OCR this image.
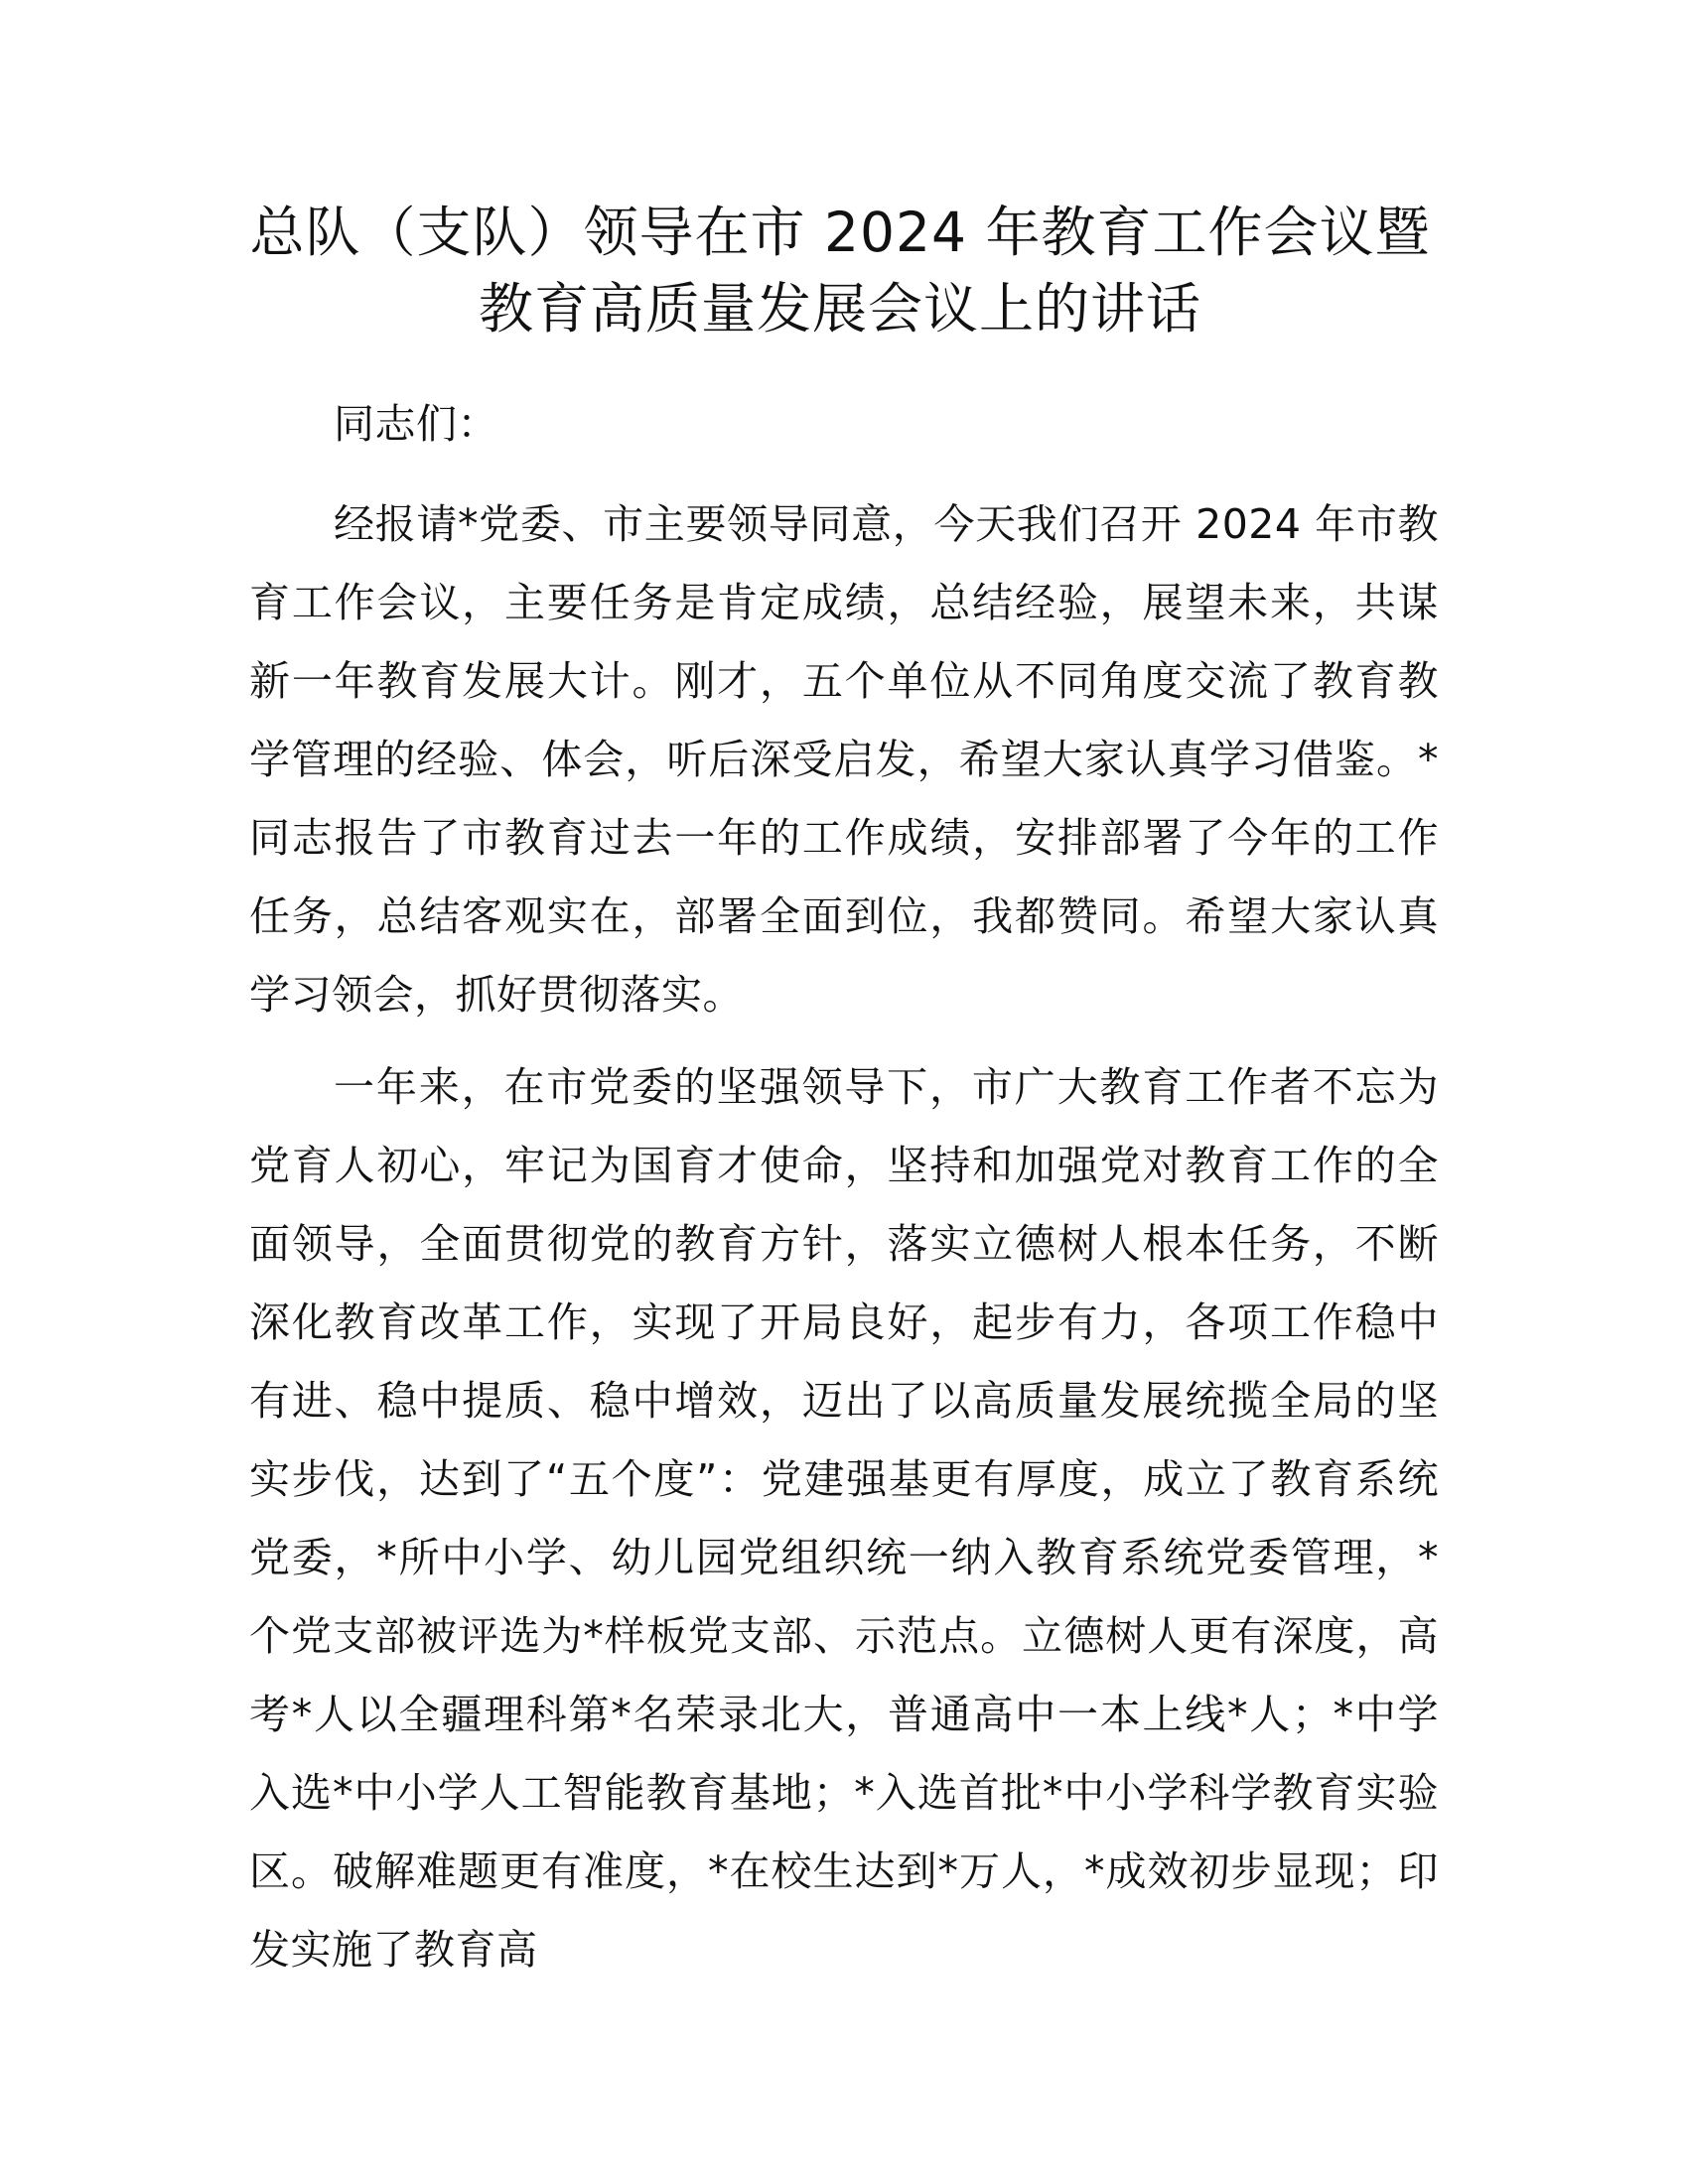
总队（支队）领导在市 2024 年教育工作会议暨
教育高质量发展会议上的讲话

同志们：

经报请*党委、市主要领导同意，今天我们召开 2024 年市教育工作会议，主要任务是肯定成绩，总结经验，展望未来，共谋新一年教育发展大计。刚才，五个单位从不同角度交流了教育教学管理的经验、体会，听后深受启发，希望大家认真学习借鉴。*同志报告了市教育过去一年的工作成绩，安排部署了今年的工作任务，总结客观实在，部署全面到位，我都赞同。希望大家认真学习领会，抓好贯彻落实。

一年来，在市党委的坚强领导下，市广大教育工作者不忘为党育人初心，牢记为国育才使命，坚持和加强党对教育工作的全面领导，全面贯彻党的教育方针，落实立德树人根本任务，不断深化教育改革工作，实现了开局良好，起步有力，各项工作稳中有进、稳中提质、稳中增效，迈出了以高质量发展统揽全局的坚实步伐，达到了“五个度”：党建强基更有厚度，成立了教育系统党委，*所中小学、幼儿园党组织统一纳入教育系统党委管理，*个党支部被评选为*样板党支部、示范点。立德树人更有深度，高考*人以全疆理科第*名荣录北大，普通高中一本上线*人；*中学入选*中小学人工智能教育基地；*入选首批*中小学科学教育实验区。破解难题更有准度，*在校生达到*万人，*成效初步显现；印发实施了教育高
